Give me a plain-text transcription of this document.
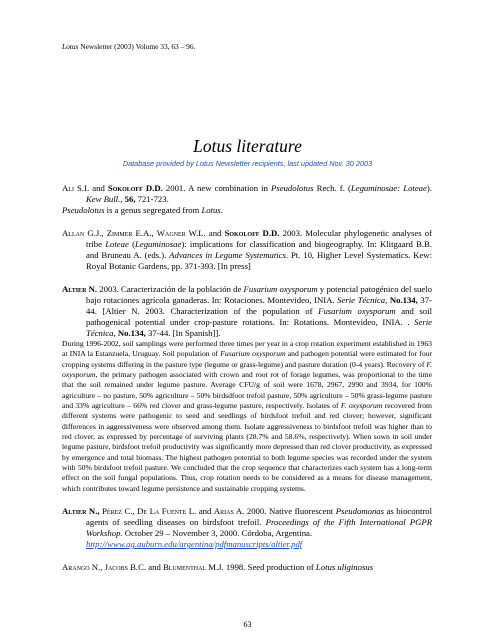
Lotus Newsletter (2003) Volume 33, 63 – 96.
Lotus literature
Database provided by Lotus Newsletter recipients, last updated Nov. 30 2003

Ali S.I. and Sokoloff D.D. 2001. A new combination in Pseudolotus Rech. f. (Leguminosae: Loteae). Kew Bull., 56, 721-723.

Pseudolotus is a genus segregated from Lotus.

Allan G.J., Zimmer E.A., Wagner W.L. and Sokoloff D.D. 2003. Molecular phylogenetic analyses of tribe Loteae (Leguminosae): implications for classification and biogeography. In: Klitgaard B.B. and Bruneau A. (eds.). Advances in Legume Systematics. Pt. 10, Higher Level Systematics. Kew: Royal Botanic Gardens, pp. 371-393. [In press]

Altier N. 2003. Caracterización de la población de Fusarium oxysporum y potencial patogénico del suelo bajo rotaciones agrícola ganaderas. In: Rotaciones. Montevideo, INIA. Serie Técnica, No.134, 37-44. [Altier N. 2003. Characterization of the population of Fusarium oxysporum and soil pathogenical potential under crop-pasture rotations. In: Rotations. Montevideo, INIA. . Serie Técnica, No.134, 37-44. [In Spanish]].

During 1996-2002, soil samplings were performed three times per year in a crop rotation experiment established in 1963 at INIA la Estanzuela, Uruguay. Soil population of Fusarium oxysporum and pathogen potential were estimated for four cropping systems differing in the pasture type (legume or grass-legume) and pasture duration (0-4 years). Recovery of F. oxysporum, the primary pathogen associated with crown and root rot of forage legumes, was proportional to the time that the soil remained under legume pasture. Average CFU/g of soil were 1678, 2967, 2990 and 3934, for 100% agriculture – no pasture, 50% agriculture – 50% birdsdfoot trefoil pasture, 50% agriculture – 50% grass-legume pasture and 33% agriculture – 66% red clover and grass-legume pasture, respectively. Isolates of F. oxysporum recovered from different systems were pathogenic to seed and seedlings of birdsfoot trefoil and red clover; however, significant differences in aggressiveness were observed among them. Isolate aggressiveness to birdsfoot trefoil was higher than to red clover, as expressed by percentage of surviving plants (28.7% and 58.6%, respectively). When sown in soil under legume pasture, birdsfoot trefoil productivity was significantly more depressed than red clover productivity, as expressed by emergence and total biomass. The highest pathogen potential to both legume species was recorded under the system with 50% birdsfoot trefoil pasture. We concluded that the crop sequence that characterizes each system has a long-term effect on the soil fungal populations. Thus, crop rotation needs to be considered as a means for disease management, which contributes toward legume persistence and sustainable cropping systems.

Altier N., Pérez C., De La Fuente L. and Arias A. 2000. Native fluorescent Pseudomonas as biocontrol agents of seedling diseases on birdsfoot trefoil. Proceedings of the Fifth International PGPR Workshop. October 29 – November 3, 2000. Córdoba, Argentina.

http://www.ag.auburn.edu/argentina/pdfmanuscripts/altier.pdf

Arango N., Jacobs B.C. and Blumenthal M.J. 1998. Seed production of Lotus uliginosus

63
